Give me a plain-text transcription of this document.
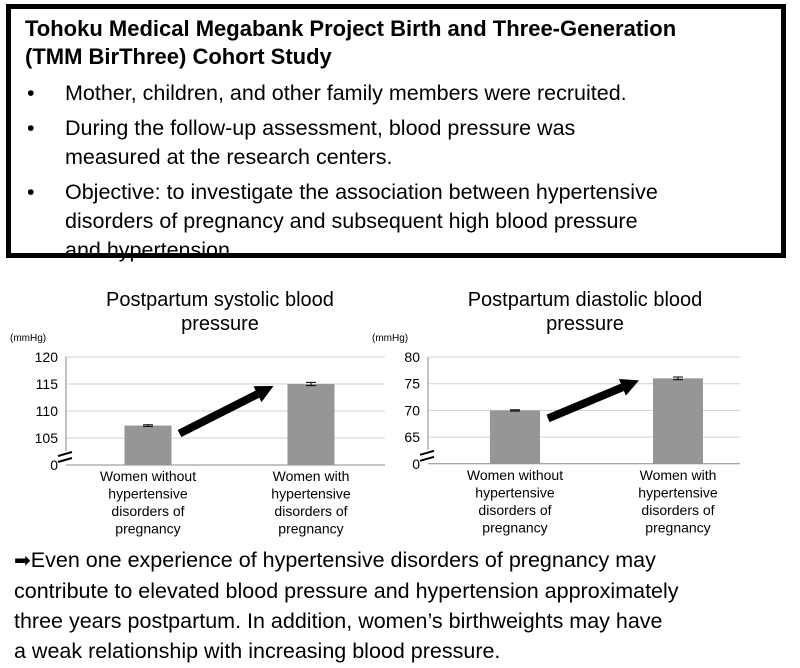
Tohoku Medical Megabank Project Birth and Three-Generation
(TMM BirThree) Cohort Study
• Mother, children, and other family members were recruited.
• During the follow-up assessment, blood pressure was
measured at the research centers.
• Objective: to investigate the association between hypertensive
disorders of pregnancy and subsequent high blood pressure
and hypertension.
Postpartum systolic blood
pressure
Postpartum diastolic blood
pressure
(mmHg)
120
115
110
105
0
Women without
hypertensive
disorders of
pregnancy
Women with
hypertensive
disorders of
pregnancy
(mmHg)
80
75
70
65
0
Women without
hypertensive
disorders of
pregnancy
Women with
hypertensive
disorders of
pregnancy
➡Even one experience of hypertensive disorders of pregnancy may
contribute to elevated blood pressure and hypertension approximately
three years postpartum. In addition, women’s birthweights may have
a weak relationship with increasing blood pressure.
